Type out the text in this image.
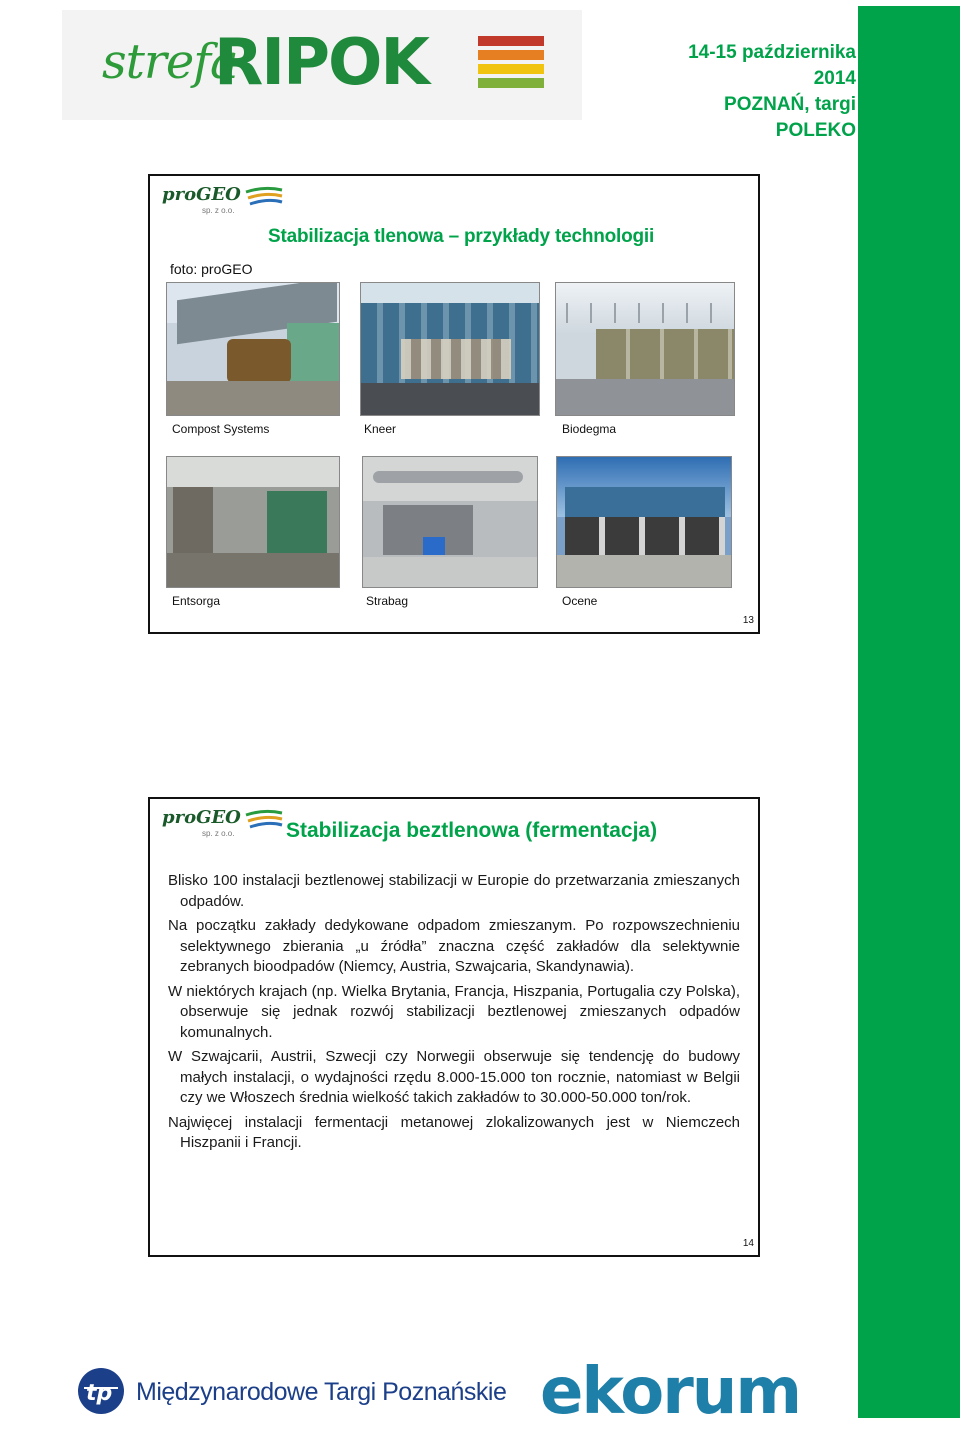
strefa
RIPOK	14-15 października
2014
POZNAŃ, targi
POLEKO
proGEO
sp. z o.o.
Stabilizacja tlenowa – przykłady technologii
foto: proGEO
Compost Systems	Kneer	Biodegma
Entsorga	Strabag	Ocene
13
proGEO
sp. z o.o. Stabilizacja beztlenowa (fermentacja)

Blisko 100 instalacji beztlenowej stabilizacji w Europie do przetwarzania zmieszanych odpadów.

Na początku zakłady dedykowane odpadom zmieszanym. Po rozpowszechnieniu selektywnego zbierania „u źródła” znaczna część zakładów dla selektywnie zebranych bioodpadów (Niemcy, Austria, Szwajcaria, Skandynawia).

W niektórych krajach (np. Wielka Brytania, Francja, Hiszpania, Portugalia czy Polska), obserwuje się jednak rozwój stabilizacji beztlenowej zmieszanych odpadów komunalnych.

W Szwajcarii, Austrii, Szwecji czy Norwegii obserwuje się tendencję do budowy małych instalacji, o wydajności rzędu 8.000-15.000 ton rocznie, natomiast w Belgii czy we Włoszech średnia wielkość takich zakładów to 30.000-50.000 ton/rok.

Najwięcej instalacji fermentacji metanowej zlokalizowanych jest w Niemczech Hiszpanii i Francji.

14
tp Międzynarodowe Targi Poznańskie ekorum
